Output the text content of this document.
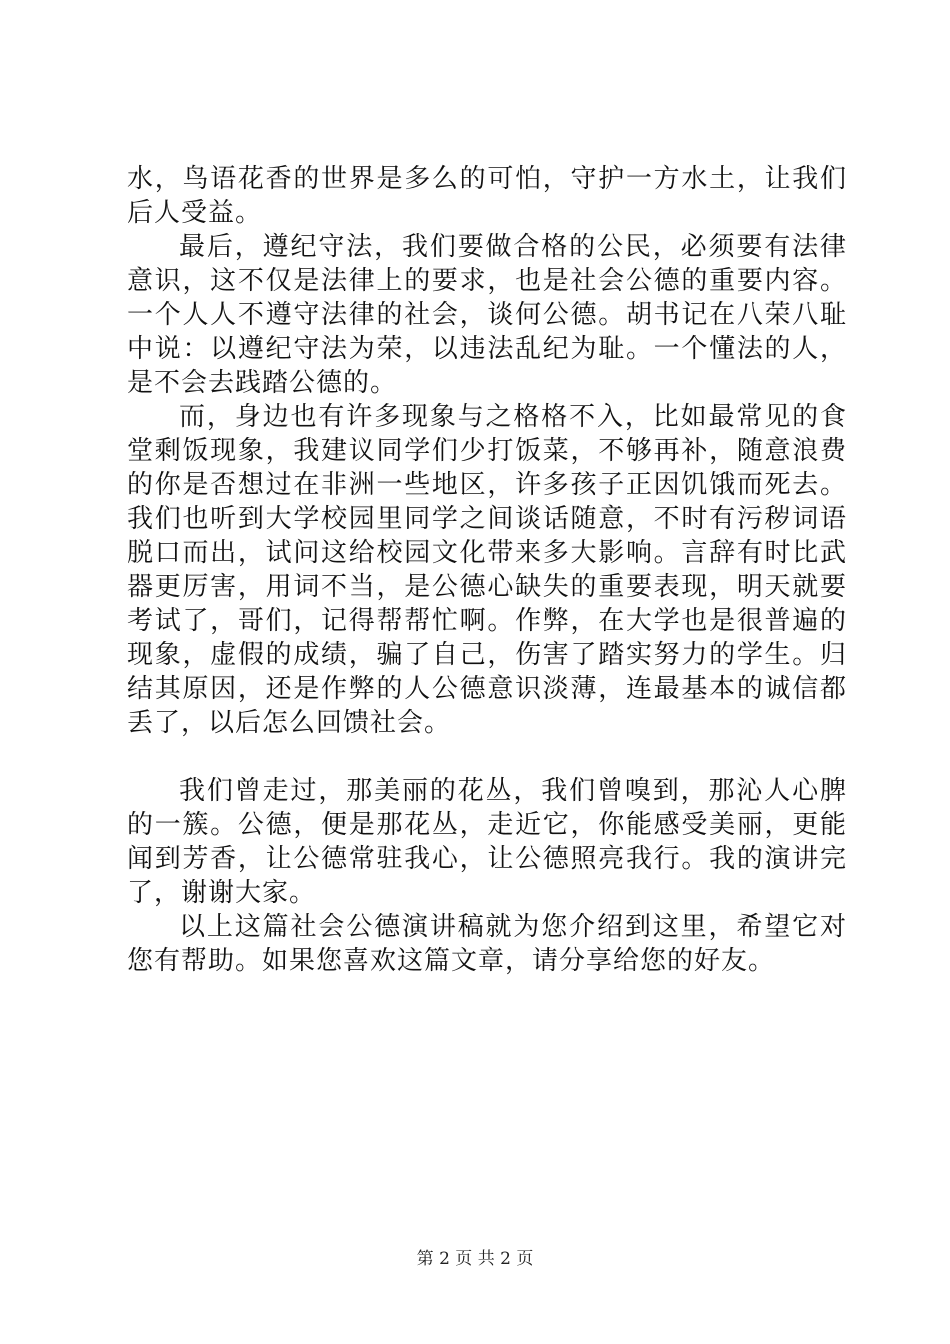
水，鸟语花香的世界是多么的可怕，守护一方水土，让我们后人受益。

最后，遵纪守法，我们要做合格的公民，必须要有法律意识，这不仅是法律上的要求，也是社会公德的重要内容。一个人人不遵守法律的社会，谈何公德。胡书记在八荣八耻中说：以遵纪守法为荣，以违法乱纪为耻。一个懂法的人，是不会去践踏公德的。

而，身边也有许多现象与之格格不入，比如最常见的食堂剩饭现象，我建议同学们少打饭菜，不够再补，随意浪费的你是否想过在非洲一些地区，许多孩子正因饥饿而死去。我们也听到大学校园里同学之间谈话随意，不时有污秽词语脱口而出，试问这给校园文化带来多大影响。言辞有时比武器更厉害，用词不当，是公德心缺失的重要表现，明天就要考试了，哥们，记得帮帮忙啊。作弊，在大学也是很普遍的现象，虚假的成绩，骗了自己，伤害了踏实努力的学生。归结其原因，还是作弊的人公德意识淡薄，连最基本的诚信都丢了，以后怎么回馈社会。

我们曾走过，那美丽的花丛，我们曾嗅到，那沁人心脾的一簇。公德，便是那花丛，走近它，你能感受美丽，更能闻到芳香，让公德常驻我心，让公德照亮我行。我的演讲完了，谢谢大家。

以上这篇社会公德演讲稿就为您介绍到这里，希望它对您有帮助。如果您喜欢这篇文章，请分享给您的好友。

第 2 页 共 2 页
